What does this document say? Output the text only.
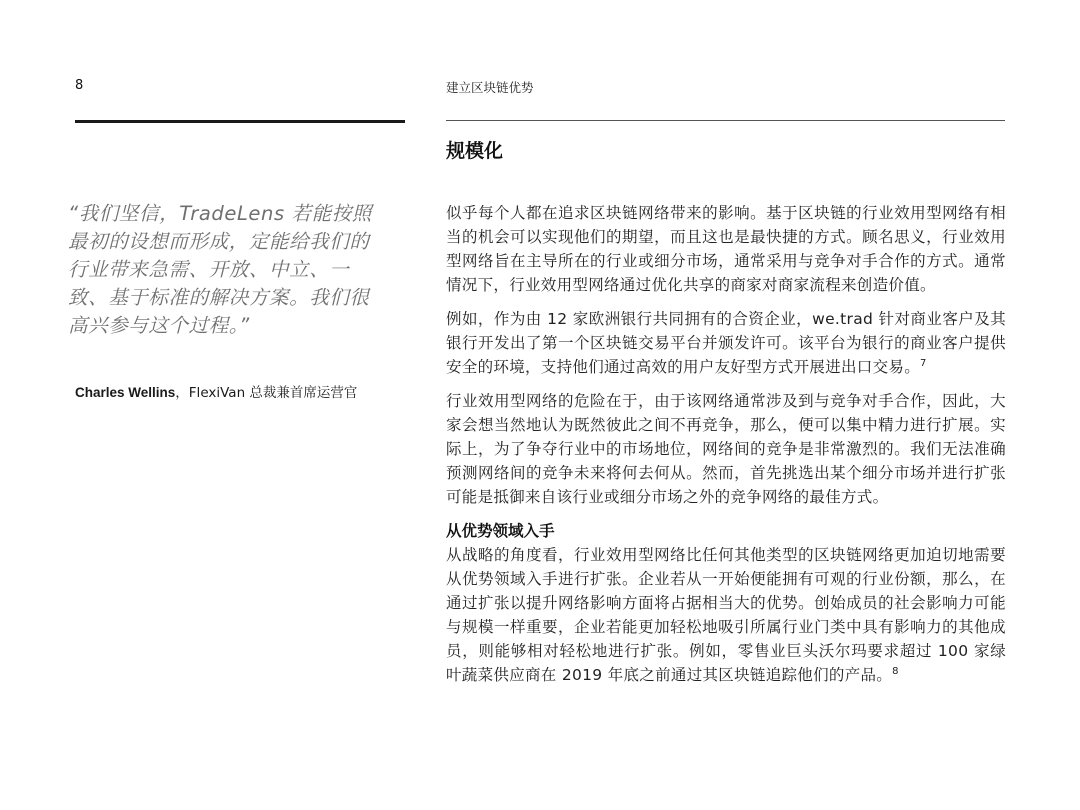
8	建立区块链优势
规模化
“我们坚信，TradeLens 若能按照最初的设想而形成，定能给我们的行业带来急需、开放、中立、一致、基于标准的解决方案。我们很高兴参与这个过程。”
Charles Wellins，FlexiVan 总裁兼首席运营官

似乎每个人都在追求区块链网络带来的影响。基于区块链的行业效用型网络有相当的机会可以实现他们的期望，而且这也是最快捷的方式。顾名思义，行业效用型网络旨在主导所在的行业或细分市场，通常采用与竞争对手合作的方式。通常情况下，行业效用型网络通过优化共享的商家对商家流程来创造价值。

例如，作为由 12 家欧洲银行共同拥有的合资企业，we.trad 针对商业客户及其银行开发出了第一个区块链交易平台并颁发许可。该平台为银行的商业客户提供安全的环境，支持他们通过高效的用户友好型方式开展进出口交易。$^7$

行业效用型网络的危险在于，由于该网络通常涉及到与竞争对手合作，因此，大家会想当然地认为既然彼此之间不再竞争，那么，便可以集中精力进行扩展。实际上，为了争夺行业中的市场地位，网络间的竞争是非常激烈的。我们无法准确预测网络间的竞争未来将何去何从。然而，首先挑选出某个细分市场并进行扩张可能是抵御来自该行业或细分市场之外的竞争网络的最佳方式。

从优势领域入手

从战略的角度看，行业效用型网络比任何其他类型的区块链网络更加迫切地需要从优势领域入手进行扩张。企业若从一开始便能拥有可观的行业份额，那么，在通过扩张以提升网络影响方面将占据相当大的优势。创始成员的社会影响力可能与规模一样重要，企业若能更加轻松地吸引所属行业门类中具有影响力的其他成员，则能够相对轻松地进行扩张。例如，零售业巨头沃尔玛要求超过 100 家绿叶蔬菜供应商在 2019 年底之前通过其区块链追踪他们的产品。$^8$
